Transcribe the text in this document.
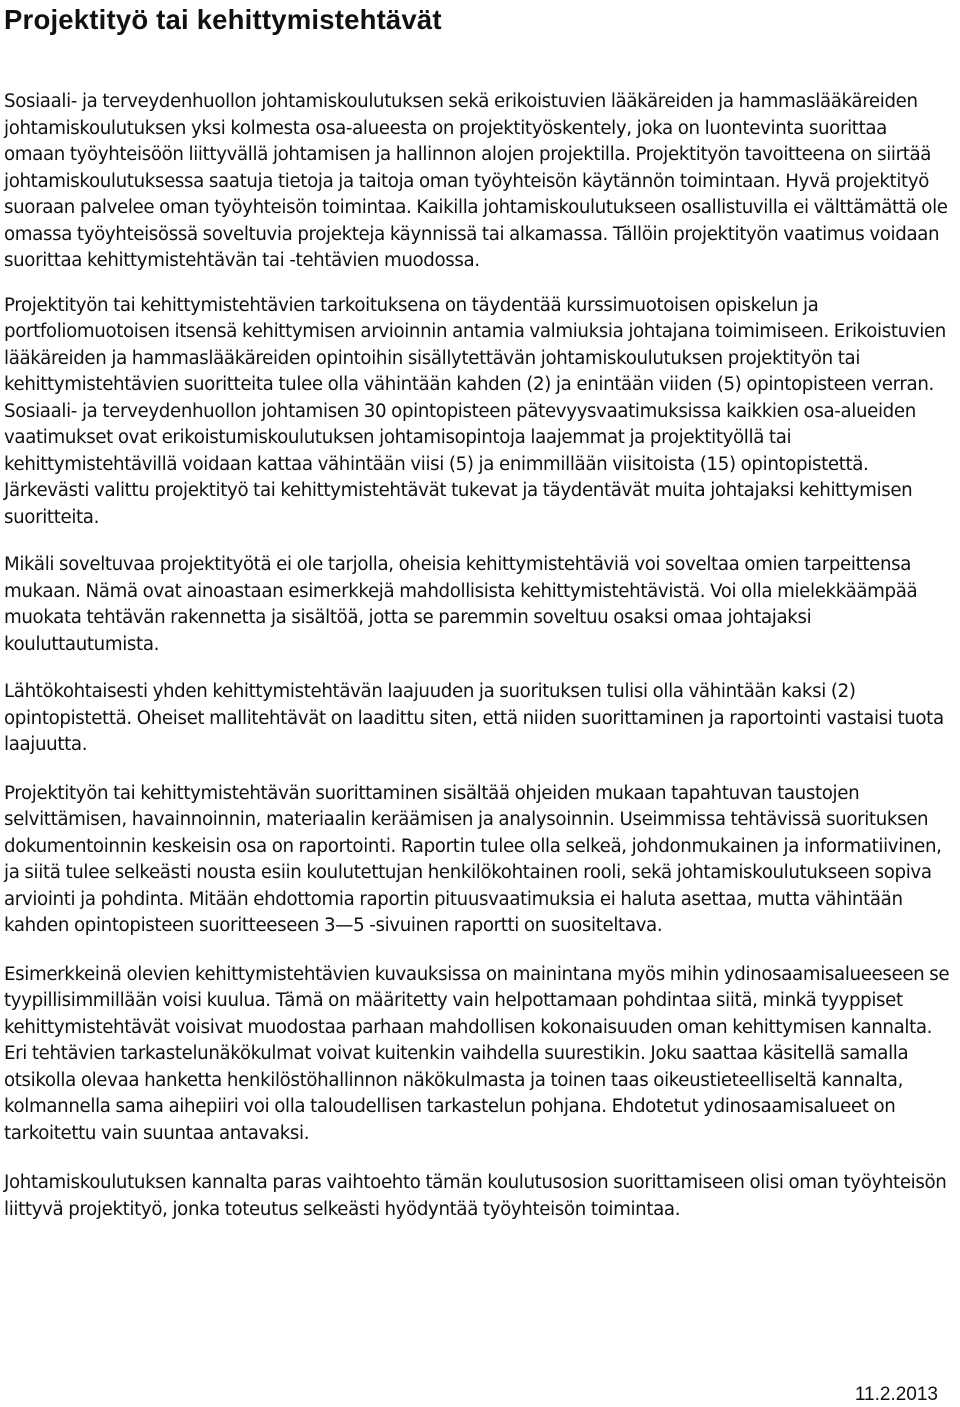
Projektityö tai kehittymistehtävät

Sosiaali- ja terveydenhuollon johtamiskoulutuksen sekä erikoistuvien lääkäreiden ja hammaslääkäreiden johtamiskoulutuksen yksi kolmesta osa-alueesta on projektityöskentely, joka on luontevinta suorittaa omaan työyhteisöön liittyvällä johtamisen ja hallinnon alojen projektilla. Projektityön tavoitteena on siirtää johtamiskoulutuksessa saatuja tietoja ja taitoja oman työyhteisön käytännön toimintaan. Hyvä projektityö suoraan palvelee oman työyhteisön toimintaa. Kaikilla johtamiskoulutukseen osallistuvilla ei välttämättä ole omassa työyhteisössä soveltuvia projekteja käynnissä tai alkamassa. Tällöin projektityön vaatimus voidaan suorittaa kehittymistehtävän tai -tehtävien muodossa.

Projektityön tai kehittymistehtävien tarkoituksena on täydentää kurssimuotoisen opiskelun ja portfoliomuotoisen itsensä kehittymisen arvioinnin antamia valmiuksia johtajana toimimiseen. Erikoistuvien lääkäreiden ja hammaslääkäreiden opintoihin sisällytettävän johtamiskoulutuksen projektityön tai kehittymistehtävien suoritteita tulee olla vähintään kahden (2) ja enintään viiden (5) opintopisteen verran. Sosiaali- ja terveydenhuollon johtamisen 30 opintopisteen pätevyysvaatimuksissa kaikkien osa-alueiden vaatimukset ovat erikoistumiskoulutuksen johtamisopintoja laajemmat ja projektityöllä tai kehittymistehtävillä voidaan kattaa vähintään viisi (5) ja enimmillään viisitoista (15) opintopistettä. Järkevästi valittu projektityö tai kehittymistehtävät tukevat ja täydentävät muita johtajaksi kehittymisen suoritteita.

Mikäli soveltuvaa projektityötä ei ole tarjolla, oheisia kehittymistehtäviä voi soveltaa omien tarpeittensa mukaan. Nämä ovat ainoastaan esimerkkejä mahdollisista kehittymistehtävistä. Voi olla mielekkäämpää muokata tehtävän rakennetta ja sisältöä, jotta se paremmin soveltuu osaksi omaa johtajaksi kouluttautumista.

Lähtökohtaisesti yhden kehittymistehtävän laajuuden ja suorituksen tulisi olla vähintään kaksi (2) opintopistettä. Oheiset mallitehtävät on laadittu siten, että niiden suorittaminen ja raportointi vastaisi tuota laajuutta.

Projektityön tai kehittymistehtävän suorittaminen sisältää ohjeiden mukaan tapahtuvan taustojen selvittämisen, havainnoinnin, materiaalin keräämisen ja analysoinnin. Useimmissa tehtävissä suorituksen dokumentoinnin keskeisin osa on raportointi. Raportin tulee olla selkeä, johdonmukainen ja informatiivinen, ja siitä tulee selkeästi nousta esiin koulutettujan henkilökohtainen rooli, sekä johtamiskoulutukseen sopiva arviointi ja pohdinta. Mitään ehdottomia raportin pituusvaatimuksia ei haluta asettaa, mutta vähintään kahden opintopisteen suoritteeseen 3—5 -sivuinen raportti on suositeltava.

Esimerkkeinä olevien kehittymistehtävien kuvauksissa on mainintana myös mihin ydinosaamisalueeseen se tyypillisimmillään voisi kuulua. Tämä on määritetty vain helpottamaan pohdintaa siitä, minkä tyyppiset kehittymistehtävät voisivat muodostaa parhaan mahdollisen kokonaisuuden oman kehittymisen kannalta. Eri tehtävien tarkastelunäkökulmat voivat kuitenkin vaihdella suurestikin. Joku saattaa käsitellä samalla otsikolla olevaa hanketta henkilöstöhallinnon näkökulmasta ja toinen taas oikeustieteelliseltä kannalta, kolmannella sama aihepiiri voi olla taloudellisen tarkastelun pohjana. Ehdotetut ydinosaamisalueet on tarkoitettu vain suuntaa antavaksi.

Johtamiskoulutuksen kannalta paras vaihtoehto tämän koulutusosion suorittamiseen olisi oman työyhteisön liittyvä projektityö, jonka toteutus selkeästi hyödyntää työyhteisön toimintaa.

11.2.2013
